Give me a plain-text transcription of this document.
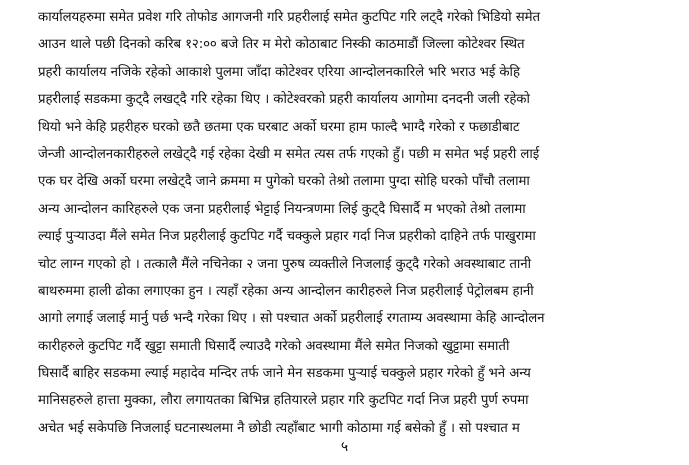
कार्यालयहरुमा समेत प्रवेश गरि तोफोड आगजनी गरि प्रहरीलाई समेत कुटपिट गरि लट्दै गरेको भिडियो समेत
आउन थाले पछी दिनको करिब १२:०० बजे तिर म मेरो कोठाबाट निस्की काठमाडौं जिल्ला कोटेश्वर स्थित
प्रहरी कार्यालय नजिके रहेको आकाशे पुलमा जाँदा कोटेश्वर एरिया आन्दोलनकारिले भरि भराउ भई केहि
प्रहरीलाई सडकमा कुट्दै लखट्दै गरि रहेका थिए । कोटेश्वरको प्रहरी कार्यालय आगोमा दनदनी जली रहेको
थियो भने केहि प्रहरीहरु घरको छतै छतमा एक घरबाट अर्को घरमा हाम फाल्दै भाग्दै गरेको र फछाडीबाट
जेन्जी आन्दोलनकारीहरुले लखेट्दै गई रहेका देखी म समेत त्यस तर्फ गएको हुँ। पछी म समेत भई प्रहरी लाई
एक घर देखि अर्को घरमा लखेट्दै जाने क्रममा म पुगेको घरको तेश्रो तलामा पुग्दा सोहि घरको पाँचौ तलामा
अन्य आन्दोलन कारिहरुले एक जना प्रहरीलाई भेट्टाई नियन्त्रणमा लिई कुट्दै घिसार्दै म भएको तेश्रो तलामा
ल्याई पुऱ्याउदा मैंले समेत निज प्रहरीलाई कुटपिट गर्दै चक्कुले प्रहार गर्दा निज प्रहरीको दाहिने तर्फ पाखुरामा
चोट लाग्न गएको हो । तत्कालै मैंले नचिनेका २ जना पुरुष व्यक्तीले निजलाई कुट्दै गरेको अवस्थाबाट तानी
बाथरुममा हाली ढोका लगाएका हुन । त्यहाँ रहेका अन्य आन्दोलन कारीहरुले निज प्रहरीलाई पेट्रोलबम हानी
आगो लगाई जलाई मार्नु पर्छ भन्दै गरेका थिए । सो पश्चात अर्को प्रहरीलाई रगताम्य अवस्थामा केहि आन्दोलन
कारीहरुले कुटपिट गर्दै खुट्टा समाती घिसार्दै ल्याउदै गरेको अवस्थामा मैंले समेत निजको खुट्टामा समाती
घिसार्दै बाहिर सडकमा ल्याई महादेव मन्दिर तर्फ जाने मेन सडकमा पुऱ्याई चक्कुले प्रहार गरेको हुँ भने अन्य
मानिसहरुले हात्ता मुक्का, लौरा लगायतका बिभिन्न हतियारले प्रहार गरि कुटपिट गर्दा निज प्रहरी पुर्ण रुपमा
अचेत भई सकेपछि निजलाई घटनास्थलमा नै छोडी त्यहाँबाट भागी कोठामा गई बसेको हुँ । सो पश्चात म
५
